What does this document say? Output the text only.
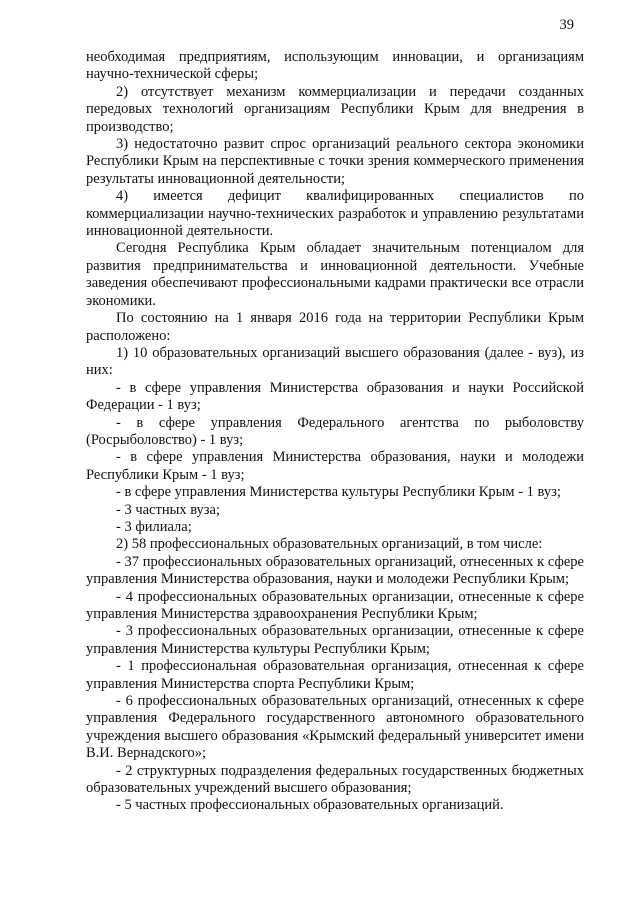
39

необходимая предприятиям, использующим инновации, и организациям научно-технической сферы;

2) отсутствует механизм коммерциализации и передачи созданных передовых технологий организациям Республики Крым для внедрения в производство;

3) недостаточно развит спрос организаций реального сектора экономики Республики Крым на перспективные с точки зрения коммерческого применения результаты инновационной деятельности;

4) имеется дефицит квалифицированных специалистов по коммерциализации научно-технических разработок и управлению результатами инновационной деятельности.

Сегодня Республика Крым обладает значительным потенциалом для развития предпринимательства и инновационной деятельности. Учебные заведения обеспечивают профессиональными кадрами практически все отрасли экономики.

По состоянию на 1 января 2016 года на территории Республики Крым расположено:

1) 10 образовательных организаций высшего образования (далее - вуз), из них:

- в сфере управления Министерства образования и науки Российской Федерации - 1 вуз;

- в сфере управления Федерального агентства по рыболовству (Росрыболовство) - 1 вуз;

- в сфере управления Министерства образования, науки и молодежи Республики Крым - 1 вуз;

- в сфере управления Министерства культуры Республики Крым - 1 вуз;

- 3 частных вуза;

- 3 филиала;

2) 58 профессиональных образовательных организаций, в том числе:

- 37 профессиональных образовательных организаций, отнесенных к сфере управления Министерства образования, науки и молодежи Республики Крым;

- 4 профессиональных образовательных организации, отнесенные к сфере управления Министерства здравоохранения Республики Крым;

- 3 профессиональных образовательных организации, отнесенные к сфере управления Министерства культуры Республики Крым;

- 1 профессиональная образовательная организация, отнесенная к сфере управления Министерства спорта Республики Крым;

- 6 профессиональных образовательных организаций, отнесенных к сфере управления Федерального государственного автономного образовательного учреждения высшего образования «Крымский федеральный университет имени В.И. Вернадского»;

- 2 структурных подразделения федеральных государственных бюджетных образовательных учреждений высшего образования;

- 5 частных профессиональных образовательных организаций.
